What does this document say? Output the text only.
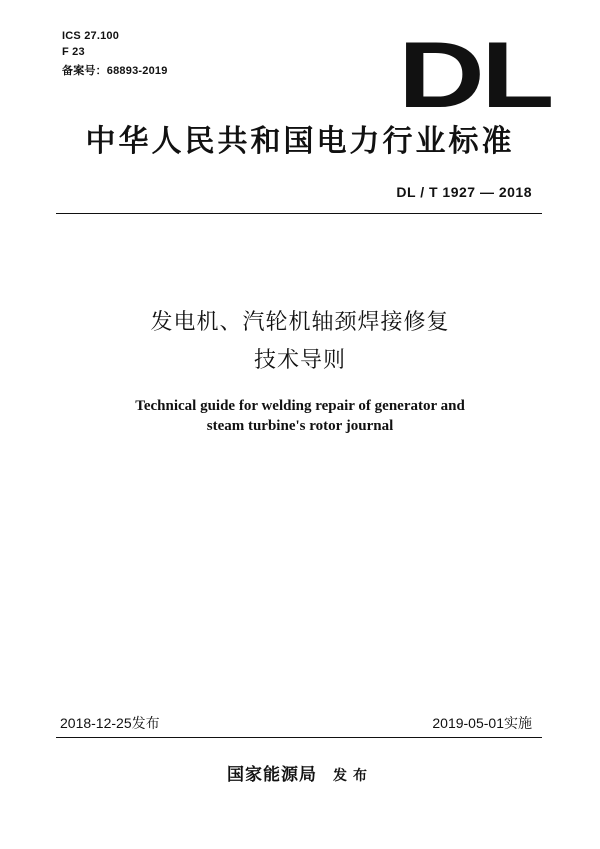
ICS 27.100
F 23
备案号：68893-2019 DL
中华人民共和国电力行业标准
DL / T 1927 — 2018
发电机、汽轮机轴颈焊接修复
技术导则
Technical guide for welding repair of generator and
steam turbine's rotor journal
2018-12-25发布	2019-05-01实施
国家能源局 发布
